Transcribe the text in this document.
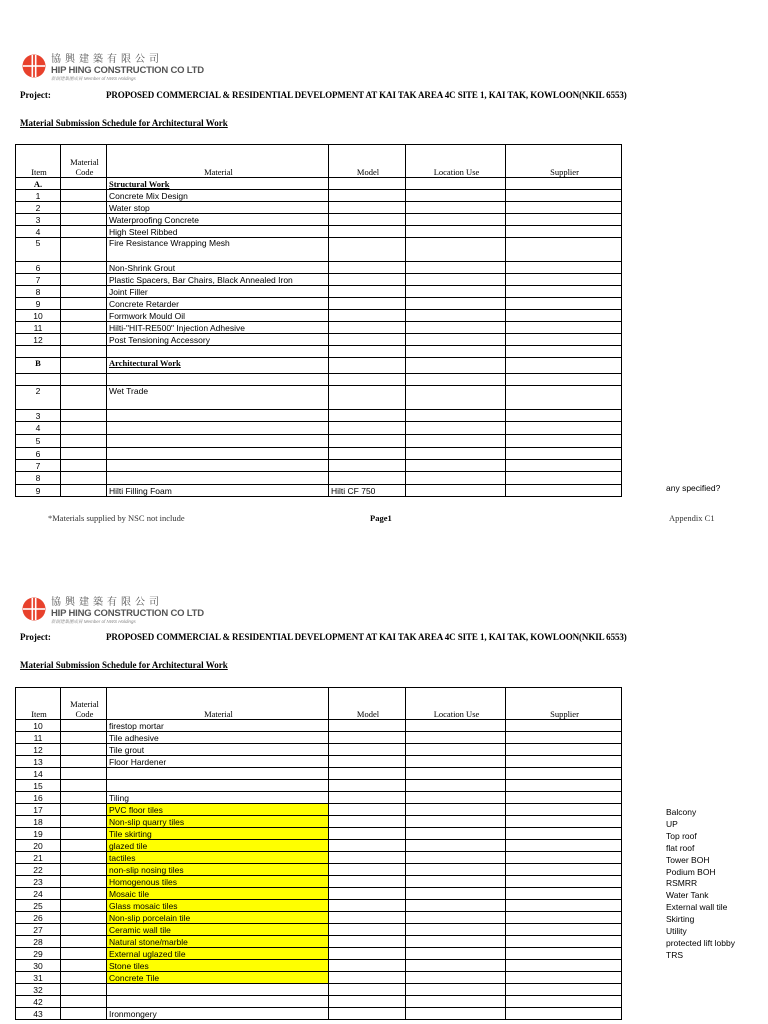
協興建築有限公司
HIP HING CONSTRUCTION CO LTD
新創建集團成員 Member of NWS Holdings
Project:	PROPOSED COMMERCIAL & RESIDENTIAL DEVELOPMENT AT KAI TAK AREA 4C SITE 1, KAI TAK, KOWLOON(NKIL 6553)
Material Submission Schedule for Architectural Work
Item	Material Code	Material	Model	Location Use	Supplier
A.		Structural Work			
1		Concrete Mix Design			
2		Water stop			
3		Waterproofing Concrete			
4		High Steel Ribbed			
5		Fire Resistance Wrapping Mesh			
6		Non-Shrink Grout			
7		Plastic Spacers, Bar Chairs, Black Annealed Iron			
8		Joint Filler			
9		Concrete Retarder			
10		Formwork Mould Oil			
11		Hilti-"HIT-RE500" Injection Adhesive			
12		Post Tensioning Accessory			

B		Architectural Work			

2		Wet Trade			
3					
4					
5					
6					
7					
8					
9		Hilti Filling Foam	Hilti CF 750			any specified?
*Materials supplied by NSC not include	Page1	Appendix C1
協興建築有限公司
HIP HING CONSTRUCTION CO LTD
新創建集團成員 Member of NWS Holdings
Project:	PROPOSED COMMERCIAL & RESIDENTIAL DEVELOPMENT AT KAI TAK AREA 4C SITE 1, KAI TAK, KOWLOON(NKIL 6553)
Material Submission Schedule for Architectural Work
Item	Material Code	Material	Model	Location Use	Supplier
10		firestop mortar			
11		Tile adhesive			
12		Tile grout			
13		Floor Hardener			
14					
15					
16		Tiling			
17		PVC floor tiles			
18		Non-slip quarry tiles			
19		Tile skirting			
20		glazed tile			
21		tactiles			
22		non-slip nosing tiles			
23		Homogenous tiles			
24		Mosaic tile			
25		Glass mosaic tiles			
26		Non-slip porcelain tile			
27		Ceramic wall tile			
28		Natural stone/marble			
29		External uglazed tile			
30		Stone tiles			
31		Concrete Tile			
32					
42					
43		Ironmongery			
Balcony
UP
Top roof
flat roof
Tower BOH
Podium BOH
RSMRR
Water Tank
External wall tile
Skirting
Utility
protected lift lobby
TRS
